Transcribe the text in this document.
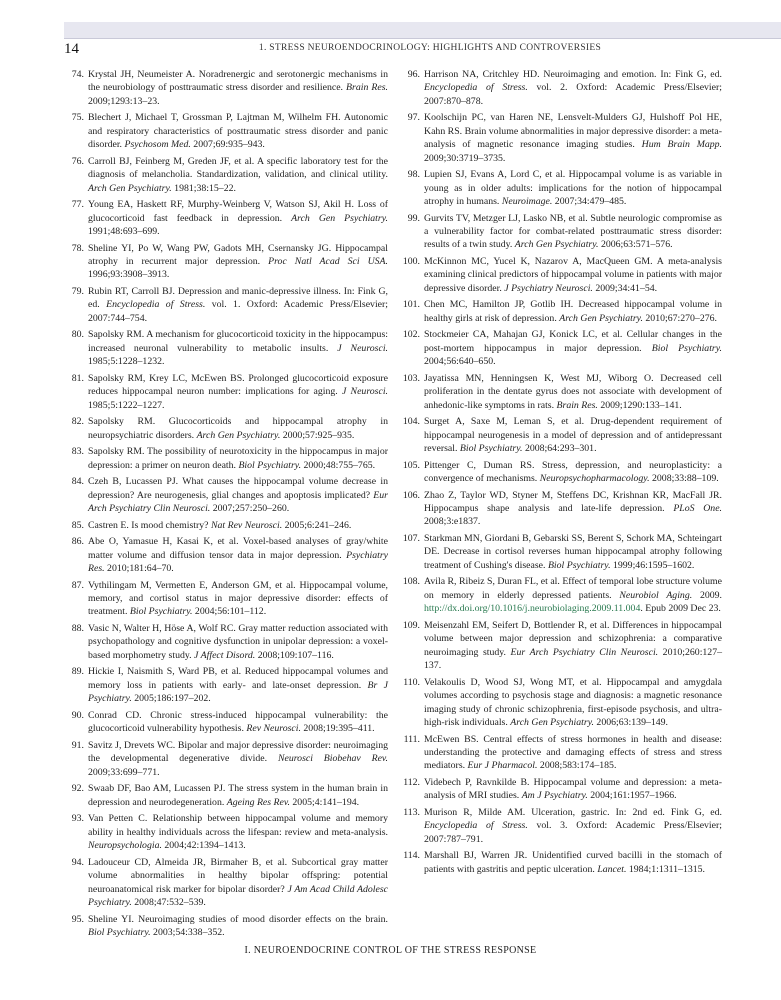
14	1. STRESS NEUROENDOCRINOLOGY: HIGHLIGHTS AND CONTROVERSIES
74. Krystal JH, Neumeister A. Noradrenergic and serotonergic mechanisms in the neurobiology of posttraumatic stress disorder and resilience. Brain Res. 2009;1293:13–23.
75. Blechert J, Michael T, Grossman P, Lajtman M, Wilhelm FH. Autonomic and respiratory characteristics of posttraumatic stress disorder and panic disorder. Psychosom Med. 2007;69:935–943.
76. Carroll BJ, Feinberg M, Greden JF, et al. A specific laboratory test for the diagnosis of melancholia. Standardization, validation, and clinical utility. Arch Gen Psychiatry. 1981;38:15–22.
77. Young EA, Haskett RF, Murphy-Weinberg V, Watson SJ, Akil H. Loss of glucocorticoid fast feedback in depression. Arch Gen Psychiatry. 1991;48:693–699.
78. Sheline YI, Po W, Wang PW, Gadots MH, Csernansky JG. Hippocampal atrophy in recurrent major depression. Proc Natl Acad Sci USA. 1996;93:3908–3913.
79. Rubin RT, Carroll BJ. Depression and manic-depressive illness. In: Fink G, ed. Encyclopedia of Stress. vol. 1. Oxford: Academic Press/Elsevier; 2007:744–754.
80. Sapolsky RM. A mechanism for glucocorticoid toxicity in the hippocampus: increased neuronal vulnerability to metabolic insults. J Neurosci. 1985;5:1228–1232.
81. Sapolsky RM, Krey LC, McEwen BS. Prolonged glucocorticoid exposure reduces hippocampal neuron number: implications for aging. J Neurosci. 1985;5:1222–1227.
82. Sapolsky RM. Glucocorticoids and hippocampal atrophy in neuropsychiatric disorders. Arch Gen Psychiatry. 2000;57:925–935.
83. Sapolsky RM. The possibility of neurotoxicity in the hippocampus in major depression: a primer on neuron death. Biol Psychiatry. 2000;48:755–765.
84. Czeh B, Lucassen PJ. What causes the hippocampal volume decrease in depression? Are neurogenesis, glial changes and apoptosis implicated? Eur Arch Psychiatry Clin Neurosci. 2007;257:250–260.
85. Castren E. Is mood chemistry? Nat Rev Neurosci. 2005;6:241–246.
86. Abe O, Yamasue H, Kasai K, et al. Voxel-based analyses of gray/white matter volume and diffusion tensor data in major depression. Psychiatry Res. 2010;181:64–70.
87. Vythilingam M, Vermetten E, Anderson GM, et al. Hippocampal volume, memory, and cortisol status in major depressive disorder: effects of treatment. Biol Psychiatry. 2004;56:101–112.
88. Vasic N, Walter H, Höse A, Wolf RC. Gray matter reduction associated with psychopathology and cognitive dysfunction in unipolar depression: a voxel-based morphometry study. J Affect Disord. 2008;109:107–116.
89. Hickie I, Naismith S, Ward PB, et al. Reduced hippocampal volumes and memory loss in patients with early- and late-onset depression. Br J Psychiatry. 2005;186:197–202.
90. Conrad CD. Chronic stress-induced hippocampal vulnerability: the glucocorticoid vulnerability hypothesis. Rev Neurosci. 2008;19:395–411.
91. Savitz J, Drevets WC. Bipolar and major depressive disorder: neuroimaging the developmental degenerative divide. Neurosci Biobehav Rev. 2009;33:699–771.
92. Swaab DF, Bao AM, Lucassen PJ. The stress system in the human brain in depression and neurodegeneration. Ageing Res Rev. 2005;4:141–194.
93. Van Petten C. Relationship between hippocampal volume and memory ability in healthy individuals across the lifespan: review and meta-analysis. Neuropsychologia. 2004;42:1394–1413.
94. Ladouceur CD, Almeida JR, Birmaher B, et al. Subcortical gray matter volume abnormalities in healthy bipolar offspring: potential neuroanatomical risk marker for bipolar disorder? J Am Acad Child Adolesc Psychiatry. 2008;47:532–539.
95. Sheline YI. Neuroimaging studies of mood disorder effects on the brain. Biol Psychiatry. 2003;54:338–352.
96. Harrison NA, Critchley HD. Neuroimaging and emotion. In: Fink G, ed. Encyclopedia of Stress. vol. 2. Oxford: Academic Press/Elsevier; 2007:870–878.
97. Koolschijn PC, van Haren NE, Lensvelt-Mulders GJ, Hulshoff Pol HE, Kahn RS. Brain volume abnormalities in major depressive disorder: a meta-analysis of magnetic resonance imaging studies. Hum Brain Mapp. 2009;30:3719–3735.
98. Lupien SJ, Evans A, Lord C, et al. Hippocampal volume is as variable in young as in older adults: implications for the notion of hippocampal atrophy in humans. Neuroimage. 2007;34:479–485.
99. Gurvits TV, Metzger LJ, Lasko NB, et al. Subtle neurologic compromise as a vulnerability factor for combat-related posttraumatic stress disorder: results of a twin study. Arch Gen Psychiatry. 2006;63:571–576.
100. McKinnon MC, Yucel K, Nazarov A, MacQueen GM. A meta-analysis examining clinical predictors of hippocampal volume in patients with major depressive disorder. J Psychiatry Neurosci. 2009;34:41–54.
101. Chen MC, Hamilton JP, Gotlib IH. Decreased hippocampal volume in healthy girls at risk of depression. Arch Gen Psychiatry. 2010;67:270–276.
102. Stockmeier CA, Mahajan GJ, Konick LC, et al. Cellular changes in the post-mortem hippocampus in major depression. Biol Psychiatry. 2004;56:640–650.
103. Jayatissa MN, Henningsen K, West MJ, Wiborg O. Decreased cell proliferation in the dentate gyrus does not associate with development of anhedonic-like symptoms in rats. Brain Res. 2009;1290:133–141.
104. Surget A, Saxe M, Leman S, et al. Drug-dependent requirement of hippocampal neurogenesis in a model of depression and of antidepressant reversal. Biol Psychiatry. 2008;64:293–301.
105. Pittenger C, Duman RS. Stress, depression, and neuroplasticity: a convergence of mechanisms. Neuropsychopharmacology. 2008;33:88–109.
106. Zhao Z, Taylor WD, Styner M, Steffens DC, Krishnan KR, MacFall JR. Hippocampus shape analysis and late-life depression. PLoS One. 2008;3:e1837.
107. Starkman MN, Giordani B, Gebarski SS, Berent S, Schork MA, Schteingart DE. Decrease in cortisol reverses human hippocampal atrophy following treatment of Cushing's disease. Biol Psychiatry. 1999;46:1595–1602.
108. Avila R, Ribeiz S, Duran FL, et al. Effect of temporal lobe structure volume on memory in elderly depressed patients. Neurobiol Aging. 2009. http://dx.doi.org/10.1016/j.neurobiolaging.2009.11.004. Epub 2009 Dec 23.
109. Meisenzahl EM, Seifert D, Bottlender R, et al. Differences in hippocampal volume between major depression and schizophrenia: a comparative neuroimaging study. Eur Arch Psychiatry Clin Neurosci. 2010;260:127–137.
110. Velakoulis D, Wood SJ, Wong MT, et al. Hippocampal and amygdala volumes according to psychosis stage and diagnosis: a magnetic resonance imaging study of chronic schizophrenia, first-episode psychosis, and ultra-high-risk individuals. Arch Gen Psychiatry. 2006;63:139–149.
111. McEwen BS. Central effects of stress hormones in health and disease: understanding the protective and damaging effects of stress and stress mediators. Eur J Pharmacol. 2008;583:174–185.
112. Videbech P, Ravnkilde B. Hippocampal volume and depression: a meta-analysis of MRI studies. Am J Psychiatry. 2004;161:1957–1966.
113. Murison R, Milde AM. Ulceration, gastric. In: 2nd ed. Fink G, ed. Encyclopedia of Stress. vol. 3. Oxford: Academic Press/Elsevier; 2007:787–791.
114. Marshall BJ, Warren JR. Unidentified curved bacilli in the stomach of patients with gastritis and peptic ulceration. Lancet. 1984;1:1311–1315.
I. NEUROENDOCRINE CONTROL OF THE STRESS RESPONSE
